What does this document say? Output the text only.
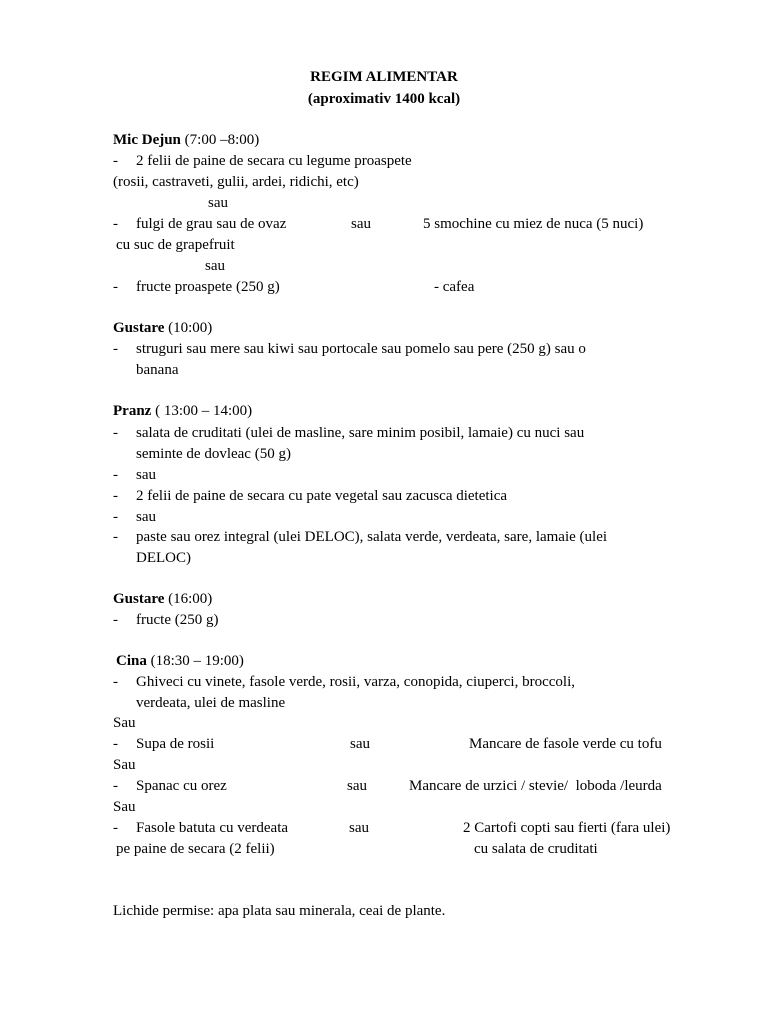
REGIM ALIMENTAR
(aproximativ 1400 kcal)
Mic Dejun (7:00 –8:00)
- 2 felii de paine de secara cu legume proaspete
(rosii, castraveti, gulii, ardei, ridichi, etc)
sau
- fulgi de grau sau de ovaz	sau	5 smochine cu miez de nuca (5 nuci)
cu suc de grapefruit
sau
- fructe proaspete (250 g)	- cafea
Gustare (10:00)
- struguri sau mere sau kiwi sau portocale sau pomelo sau pere (250 g) sau o
banana
Pranz ( 13:00 – 14:00)
- salata de cruditati (ulei de masline, sare minim posibil, lamaie) cu nuci sau
seminte de dovleac (50 g)
- sau
- 2 felii de paine de secara cu pate vegetal sau zacusca dietetica
- sau
- paste sau orez integral (ulei DELOC), salata verde, verdeata, sare, lamaie (ulei
DELOC)
Gustare (16:00)
- fructe (250 g)
Cina (18:30 – 19:00)
- Ghiveci cu vinete, fasole verde, rosii, varza, conopida, ciuperci, broccoli,
verdeata, ulei de masline
Sau
- Supa de rosii	sau	Mancare de fasole verde cu tofu
Sau
- Spanac cu orez	sau	Mancare de urzici / stevie/  loboda /leurda
Sau
- Fasole batuta cu verdeata	sau	2 Cartofi copti sau fierti (fara ulei)
pe paine de secara (2 felii)	cu salata de cruditati
Lichide permise: apa plata sau minerala, ceai de plante.
